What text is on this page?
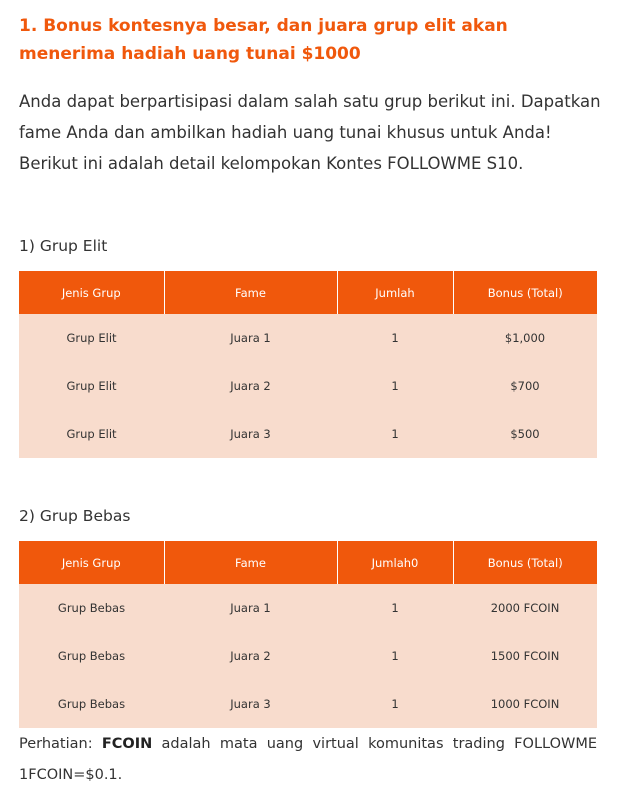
1. Bonus kontesnya besar, dan juara grup elit akan menerima hadiah uang tunai $1000

Anda dapat berpartisipasi dalam salah satu grup berikut ini. Dapatkan fame Anda dan ambilkan hadiah uang tunai khusus untuk Anda! Berikut ini adalah detail kelompokan Kontes FOLLOWME S10.

1) Grup Elit

Jenis Grup	Fame	Jumlah	Bonus (Total)
Grup Elit	Juara 1	1	$1,000
Grup Elit	Juara 2	1	$700
Grup Elit	Juara 3	1	$500

2) Grup Bebas

Jenis Grup	Fame	Jumlah0	Bonus (Total)
Grup Bebas	Juara 1	1	2000 FCOIN
Grup Bebas	Juara 2	1	1500 FCOIN
Grup Bebas	Juara 3	1	1000 FCOIN

Perhatian: FCOIN adalah mata uang virtual komunitas trading FOLLOWME 1FCOIN=$0.1.
